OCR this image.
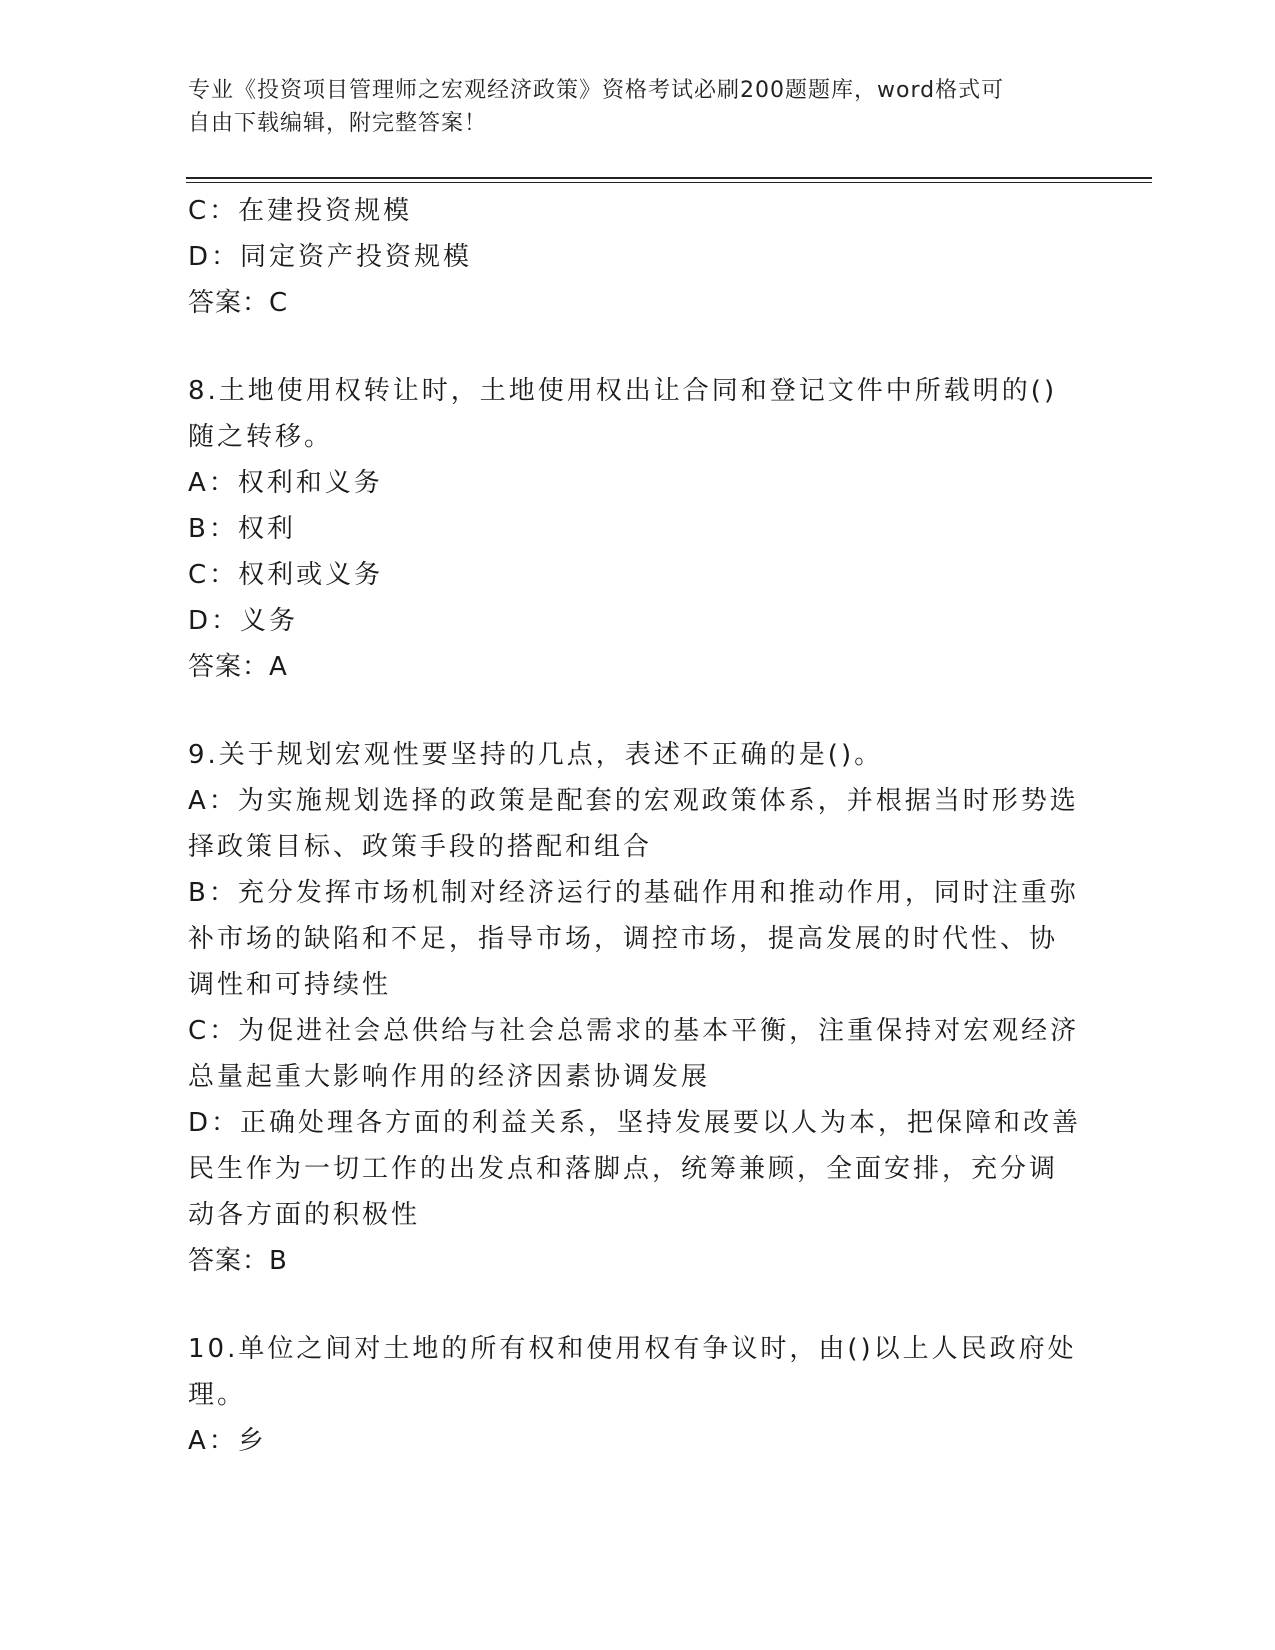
专业《投资项目管理师之宏观经济政策》资格考试必刷200题题库，word格式可
自由下载编辑，附完整答案！
C：在建投资规模
D：同定资产投资规模
答案：C
8.土地使用权转让时，土地使用权出让合同和登记文件中所载明的()
随之转移。
A：权利和义务
B：权利
C：权利或义务
D：义务
答案：A
9.关于规划宏观性要坚持的几点，表述不正确的是()。
A：为实施规划选择的政策是配套的宏观政策体系，并根据当时形势选
择政策目标、政策手段的搭配和组合
B：充分发挥市场机制对经济运行的基础作用和推动作用，同时注重弥
补市场的缺陷和不足，指导市场，调控市场，提高发展的时代性、协
调性和可持续性
C：为促进社会总供给与社会总需求的基本平衡，注重保持对宏观经济
总量起重大影响作用的经济因素协调发展
D：正确处理各方面的利益关系，坚持发展要以人为本，把保障和改善
民生作为一切工作的出发点和落脚点，统筹兼顾，全面安排，充分调
动各方面的积极性
答案：B
10.单位之间对土地的所有权和使用权有争议时，由()以上人民政府处
理。
A：乡
